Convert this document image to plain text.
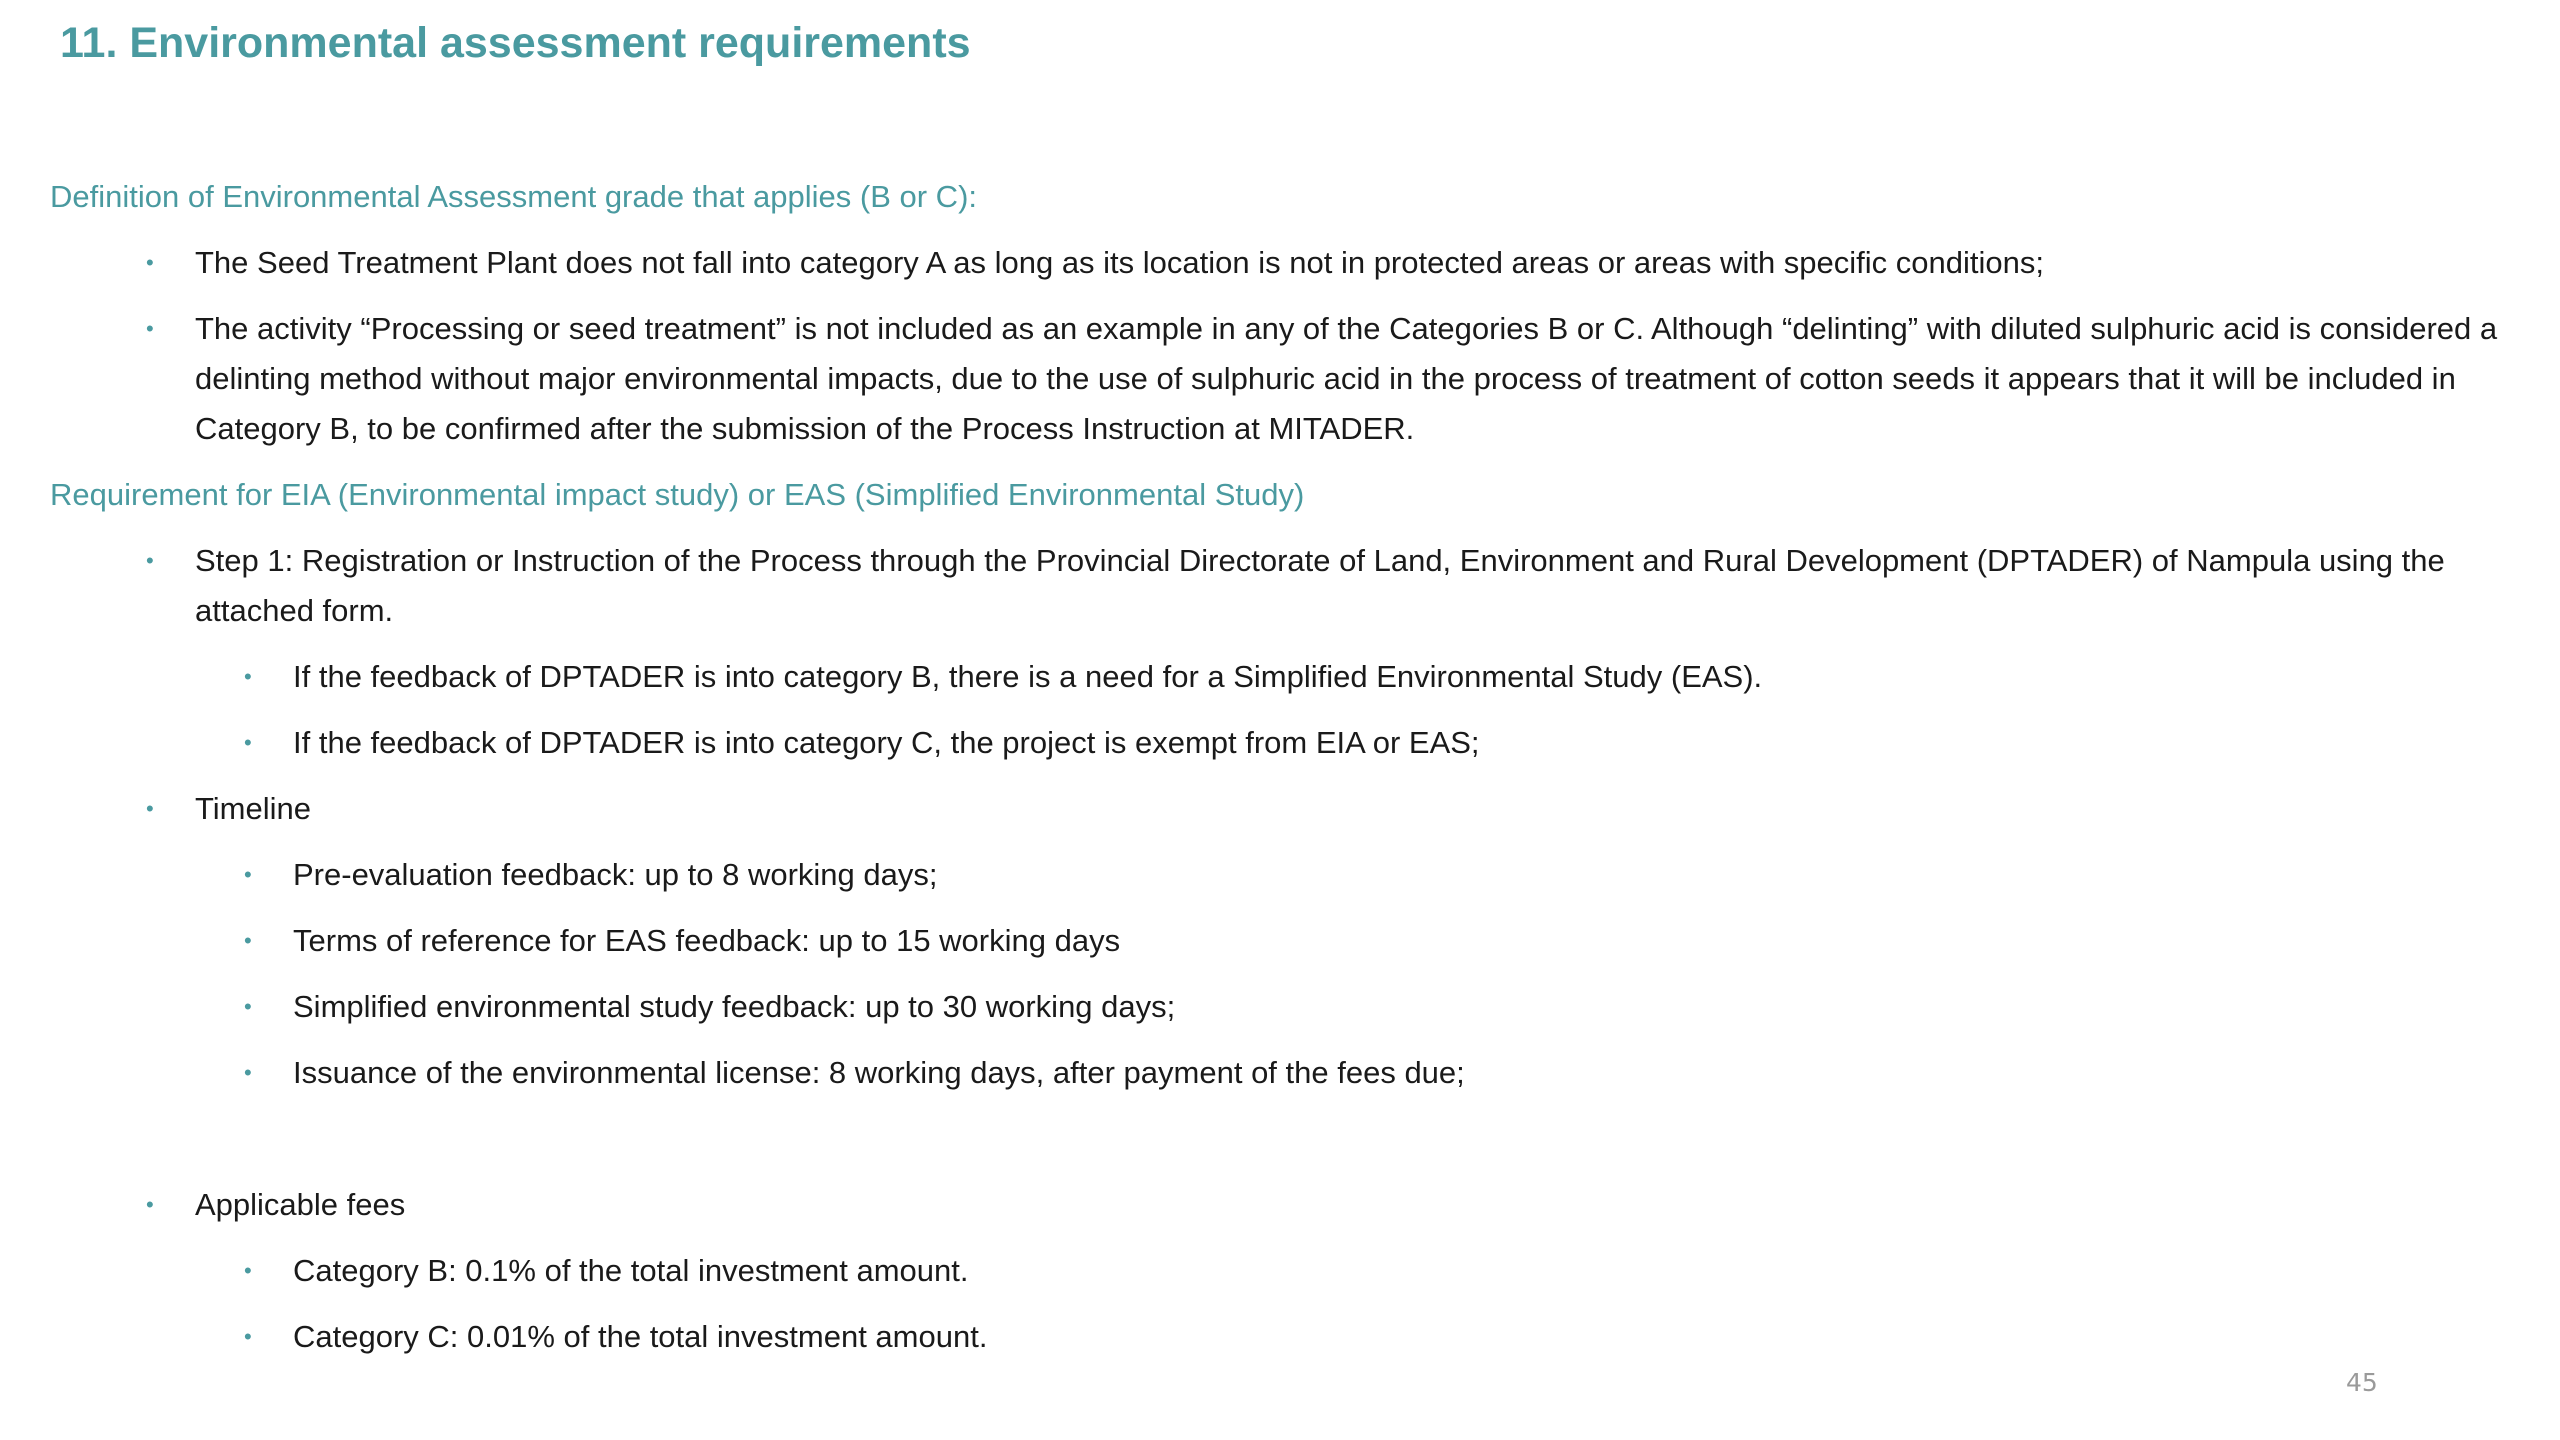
11. Environmental assessment requirements
Definition of Environmental Assessment grade that applies (B or C):
• The Seed Treatment Plant does not fall into category A as long as its location is not in protected areas or areas with specific conditions;
• The activity “Processing or seed treatment” is not included as an example in any of the Categories B or C. Although “delinting” with diluted sulphuric acid is considered a delinting method without major environmental impacts, due to the use of sulphuric acid in the process of treatment of cotton seeds it appears that it will be included in Category B, to be confirmed after the submission of the Process Instruction at MITADER.
Requirement for EIA (Environmental impact study) or EAS (Simplified Environmental Study)
• Step 1: Registration or Instruction of the Process through the Provincial Directorate of Land, Environment and Rural Development (DPTADER) of Nampula using the attached form.
• If the feedback of DPTADER is into category B, there is a need for a Simplified Environmental Study (EAS).
• If the feedback of DPTADER is into category C, the project is exempt from EIA or EAS;
• Timeline
• Pre-evaluation feedback: up to 8 working days;
• Terms of reference for EAS feedback: up to 15 working days
• Simplified environmental study feedback: up to 30 working days;
• Issuance of the environmental license: 8 working days, after payment of the fees due;
• Applicable fees
• Category B: 0.1% of the total investment amount.
• Category C: 0.01% of the total investment amount.
45
